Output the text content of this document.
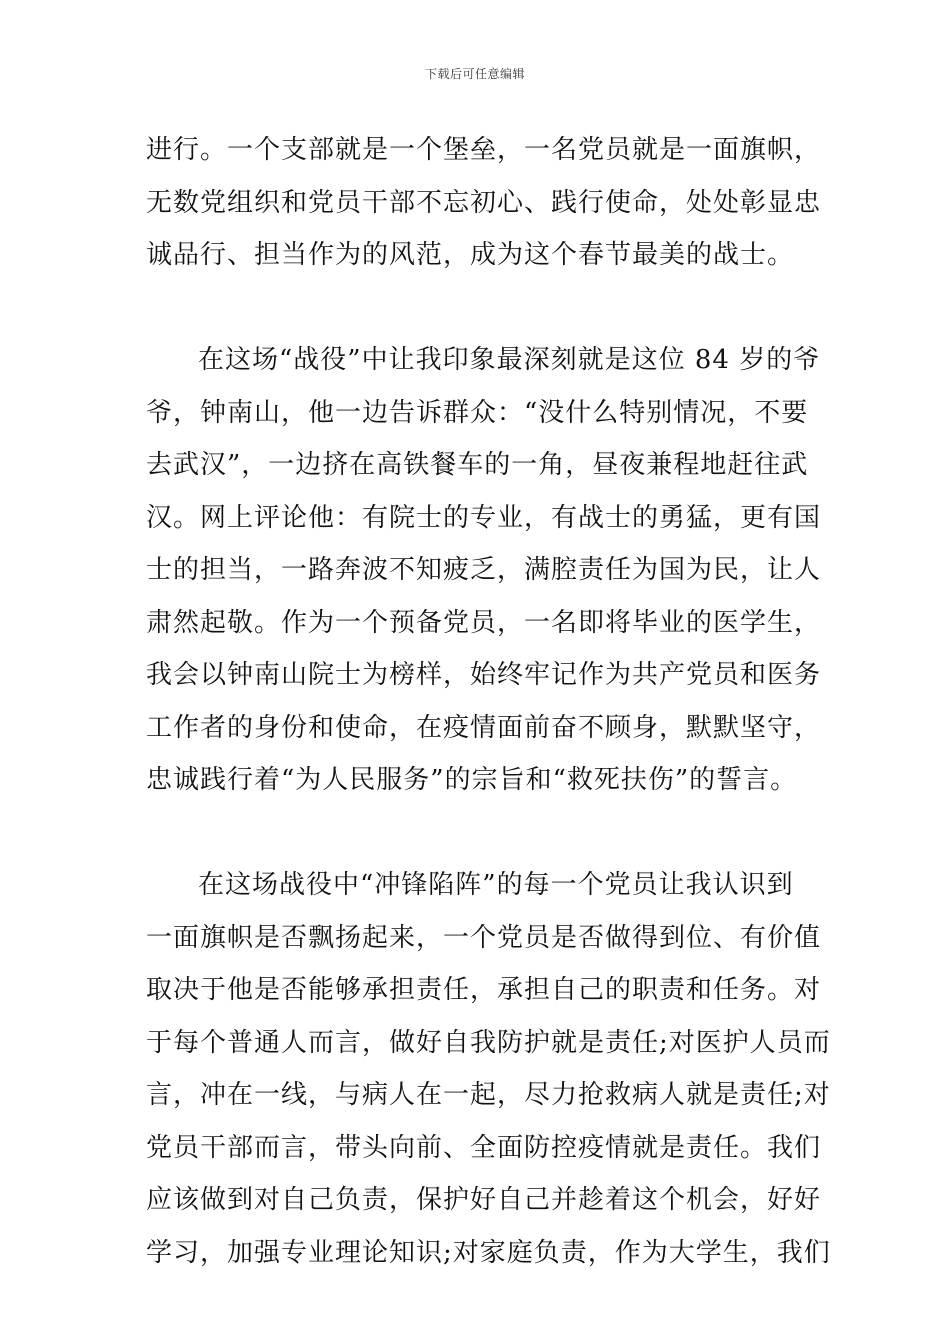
下载后可任意编辑
进行。一个支部就是一个堡垒，一名党员就是一面旗帜，
无数党组织和党员干部不忘初心、践行使命，处处彰显忠
诚品行、担当作为的风范，成为这个春节最美的战士。
在这场“战役”中让我印象最深刻就是这位 84 岁的爷
爷，钟南山，他一边告诉群众：“没什么特别情况，不要
去武汉”，一边挤在高铁餐车的一角，昼夜兼程地赶往武
汉。网上评论他：有院士的专业，有战士的勇猛，更有国
士的担当，一路奔波不知疲乏，满腔责任为国为民，让人
肃然起敬。作为一个预备党员，一名即将毕业的医学生，
我会以钟南山院士为榜样，始终牢记作为共产党员和医务
工作者的身份和使命，在疫情面前奋不顾身，默默坚守，
忠诚践行着“为人民服务”的宗旨和“救死扶伤”的誓言。
在这场战役中“冲锋陷阵”的每一个党员让我认识到
一面旗帜是否飘扬起来，一个党员是否做得到位、有价值
取决于他是否能够承担责任，承担自己的职责和任务。对
于每个普通人而言，做好自我防护就是责任;对医护人员而
言，冲在一线，与病人在一起，尽力抢救病人就是责任;对
党员干部而言，带头向前、全面防控疫情就是责任。我们
应该做到对自己负责，保护好自己并趁着这个机会，好好
学习，加强专业理论知识;对家庭负责，作为大学生，我们
